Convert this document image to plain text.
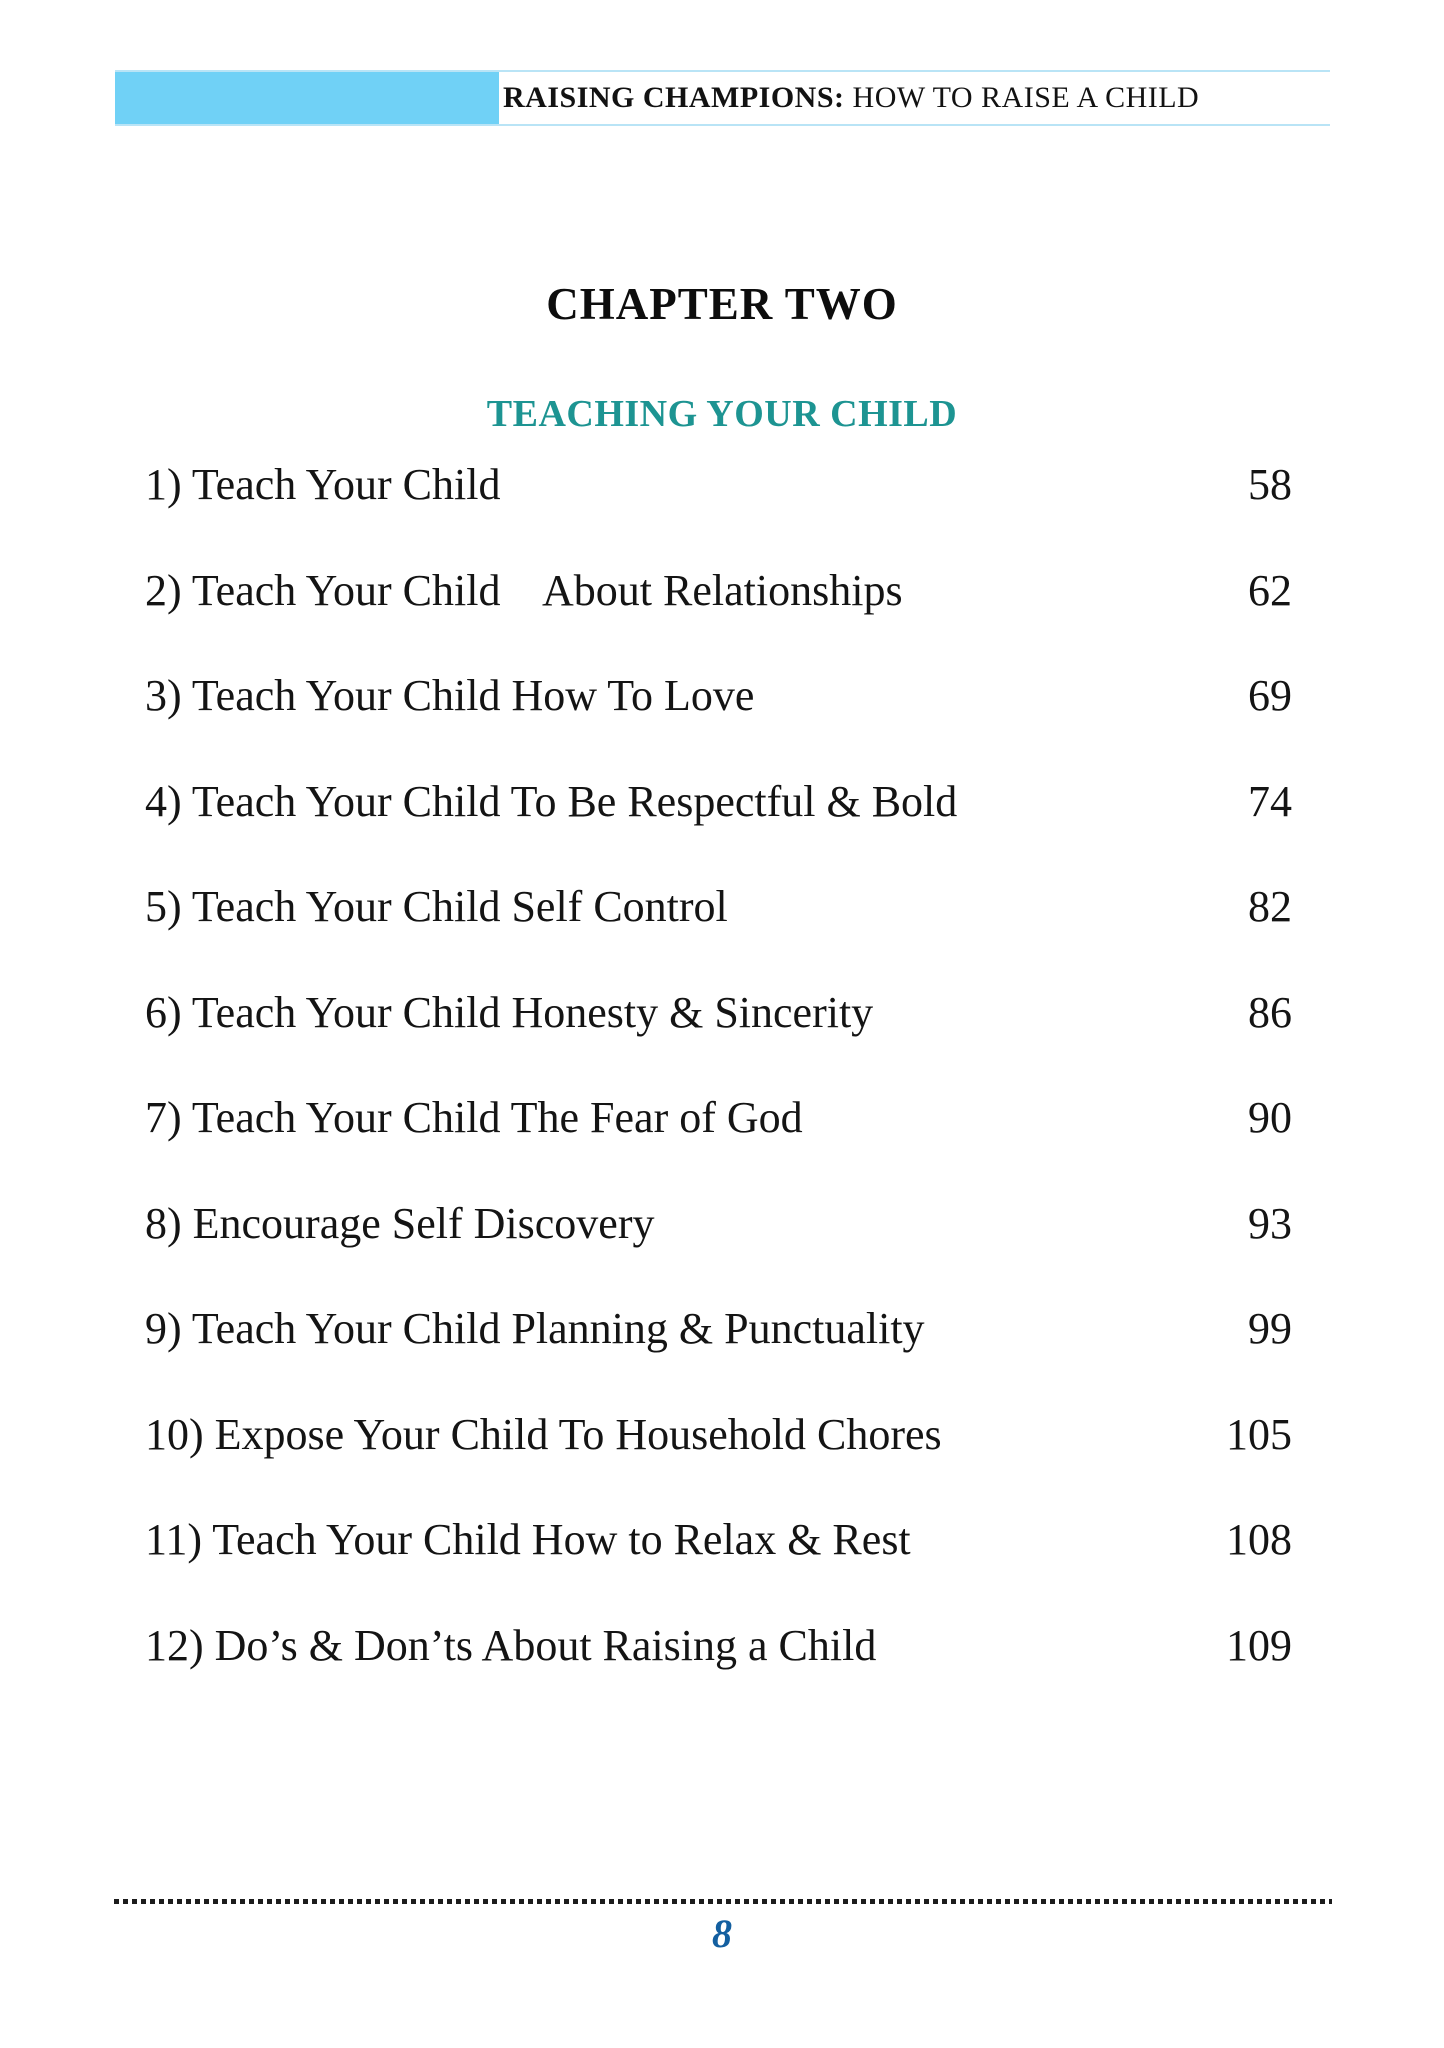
RAISING CHAMPIONS: HOW TO RAISE A CHILD
CHAPTER TWO
TEACHING YOUR CHILD
1) Teach Your Child	58
2) Teach Your Child    About Relationships	62
3) Teach Your Child How To Love	69
4) Teach Your Child To Be Respectful & Bold	74
5) Teach Your Child Self Control	82
6) Teach Your Child Honesty & Sincerity	86
7) Teach Your Child The Fear of God	90
8) Encourage Self Discovery	93
9) Teach Your Child Planning & Punctuality	99
10) Expose Your Child To Household Chores	105
11) Teach Your Child How to Relax & Rest	108
12) Do’s & Don’ts About Raising a Child	109
8
